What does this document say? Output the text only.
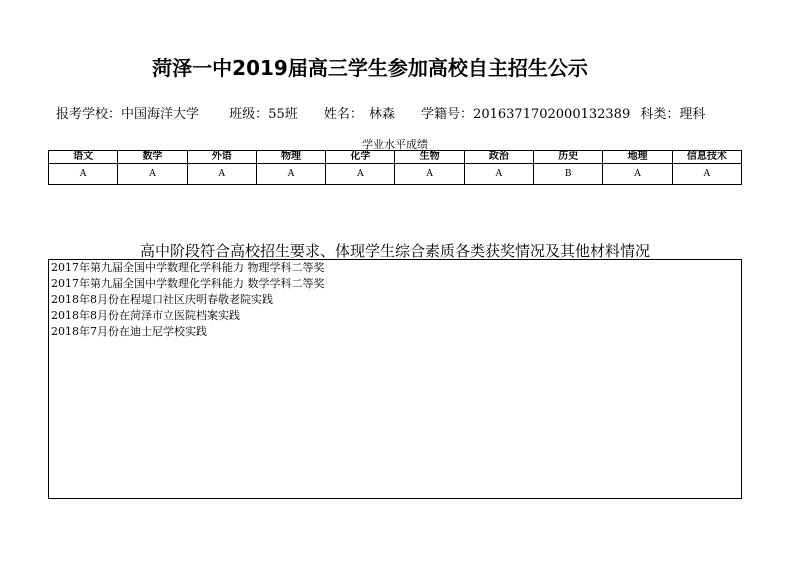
菏泽一中2019届高三学生参加高校自主招生公示
报考学校：中国海洋大学 班级：55班 姓名： 林森 学籍号：2016371702000132389 科类：理科
学业水平成绩
语文	数学	外语	物理	化学	生物	政治	历史	地理	信息技术
A	A	A	A	A	A	A	B	A	A
高中阶段符合高校招生要求、体现学生综合素质各类获奖情况及其他材料情况
2017年第九届全国中学数理化学科能力 物理学科二等奖
2017年第九届全国中学数理化学科能力 数学学科二等奖
2018年8月份在程堤口社区庆明春敬老院实践
2018年8月份在菏泽市立医院档案实践
2018年7月份在迪士尼学校实践
